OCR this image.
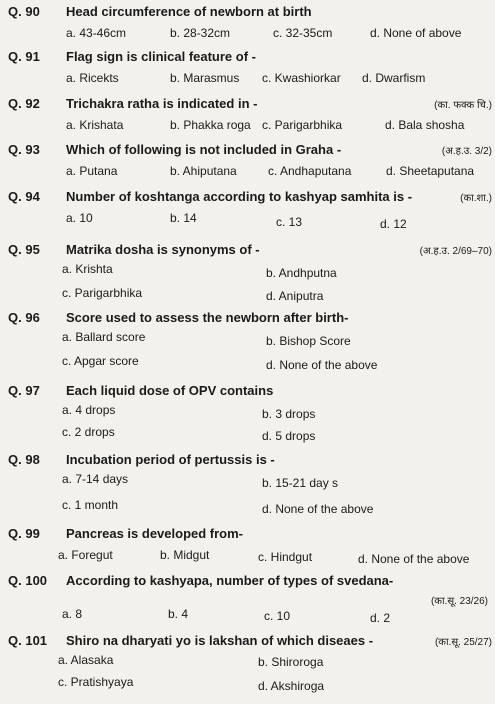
Q. 90	Head circumference of newborn at birth
a. 43-46cm	b. 28-32cm	c. 32-35cm	d. None of above
Q. 91	Flag sign is clinical feature of -
a. Ricekts	b. Marasmus c. Kwashiorkar d. Dwarfism
Q. 92	Trichakra ratha is indicated in -	(का. फक्क चि.)
a. Krishata	b. Phakka roga c. Parigarbhika	d. Bala shosha
Q. 93	Which of following is not included in Graha -	(अ.ह.उ. 3/2)
a. Putana	b. Ahiputana	c. Andhaputana	d. Sheetaputana
Q. 94	Number of koshtanga according to kashyap samhita is -	(का.शा.)
a. 10	b. 14	c. 13	d. 12
Q. 95	Matrika dosha is synonyms of -	(अ.ह.उ. 2/69–70)
a. Krishta	b. Andhputna
c. Parigarbhika	d. Aniputra
Q. 96	Score used to assess the newborn after birth-
a. Ballard score	b. Bishop Score
c. Apgar score	d. None of the above
Q. 97	Each liquid dose of OPV contains
a. 4 drops	b. 3 drops
c. 2 drops	d. 5 drops
Q. 98	Incubation period of pertussis is -
a. 7-14 days	b. 15-21 day s
c. 1 month	d. None of the above
Q. 99	Pancreas is developed from-
a. Foregut	b. Midgut	c. Hindgut	d. None of the above
Q. 100	According to kashyapa, number of types of svedana-
(का.सू. 23/26)
a. 8	b. 4	c. 10	d. 2
Q. 101	Shiro na dharyati yo is lakshan of which diseaes -	(का.सू. 25/27)
a. Alasaka	b. Shiroroga
c. Pratishyaya	d. Akshiroga
